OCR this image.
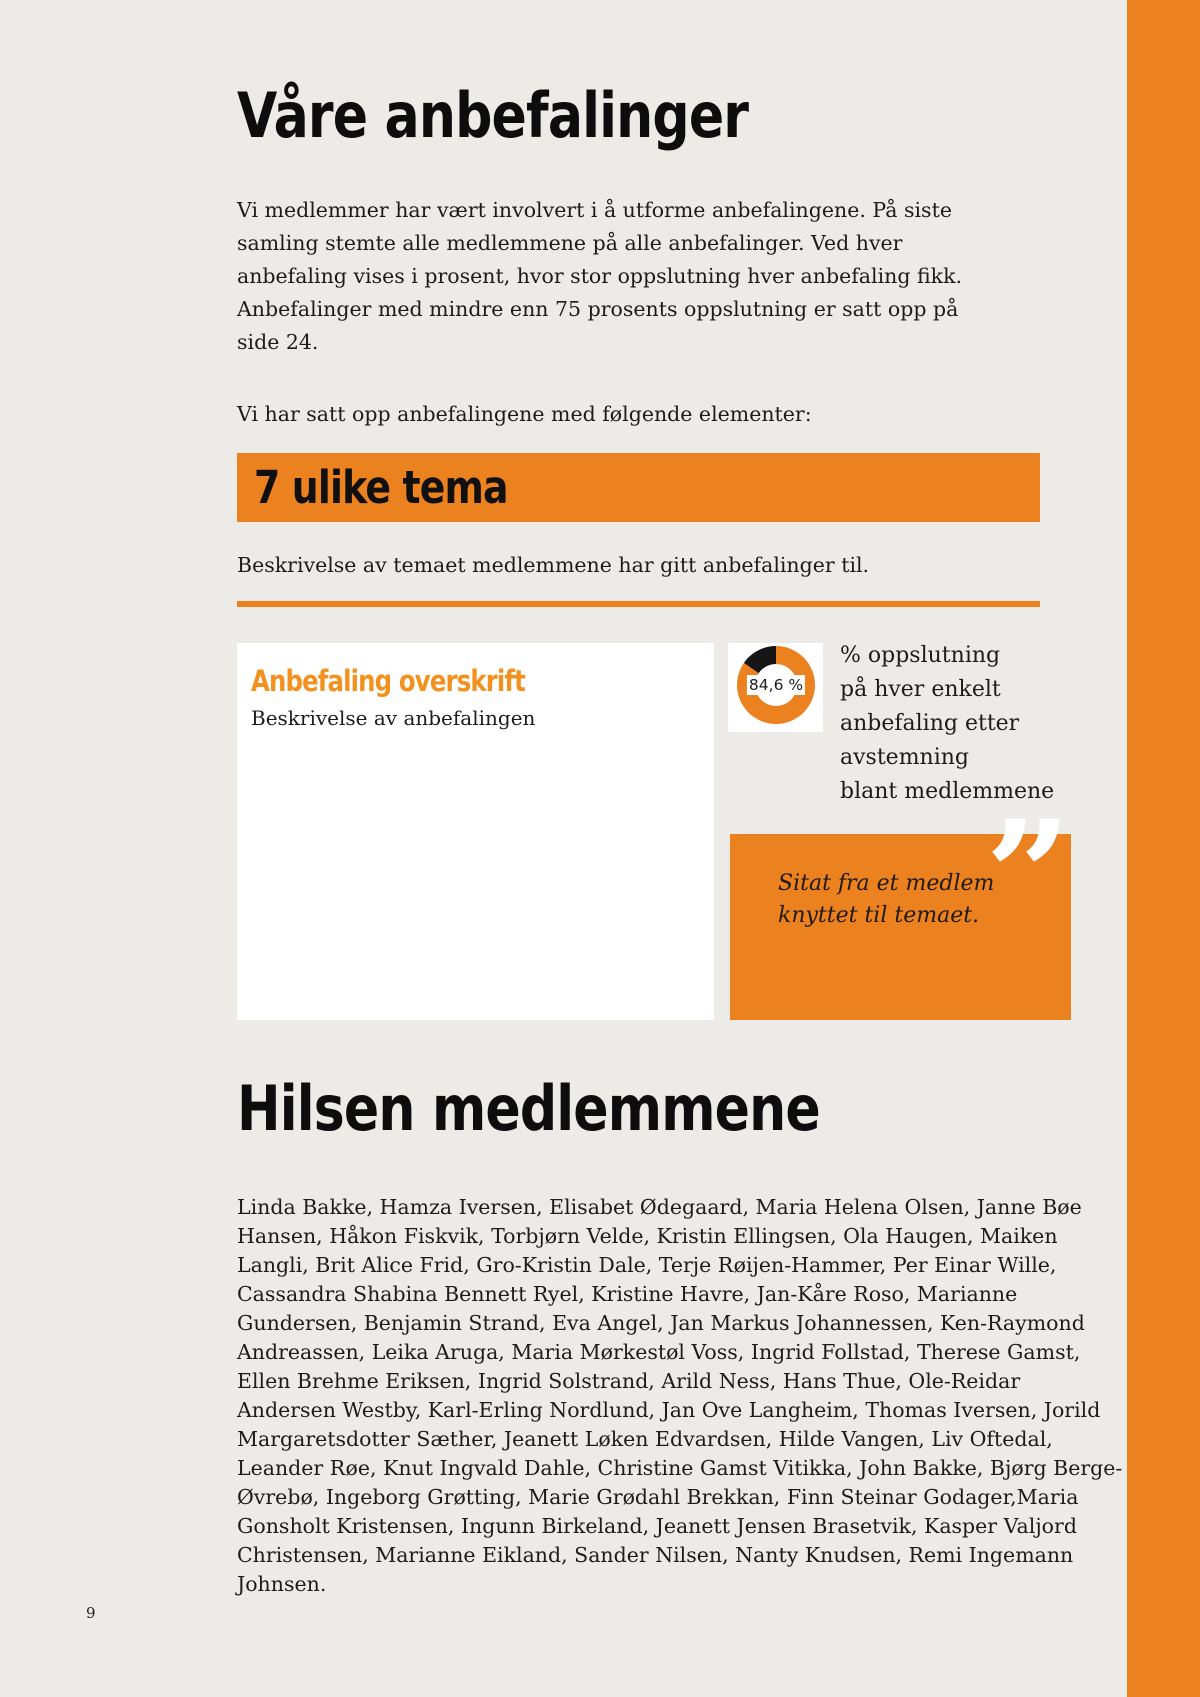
Våre anbefalinger
Vi medlemmer har vært involvert i å utforme anbefalingene. På siste
samling stemte alle medlemmene på alle anbefalinger. Ved hver
anbefaling vises i prosent, hvor stor oppslutning hver anbefaling fikk.
Anbefalinger med mindre enn 75 prosents oppslutning er satt opp på
side 24.
Vi har satt opp anbefalingene med følgende elementer:
7 ulike tema
Beskrivelse av temaet medlemmene har gitt anbefalinger til.
Anbefaling overskrift
Beskrivelse av anbefalingen
84,6 %
% oppslutning
på hver enkelt
anbefaling etter
avstemning
blant medlemmene
Sitat fra et medlem
knyttet til temaet. ”
Hilsen medlemmene
Linda Bakke, Hamza Iversen, Elisabet Ødegaard, Maria Helena Olsen, Janne Bøe
Hansen, Håkon Fiskvik, Torbjørn Velde, Kristin Ellingsen, Ola Haugen, Maiken
Langli, Brit Alice Frid, Gro-Kristin Dale, Terje Røijen-Hammer, Per Einar Wille,
Cassandra Shabina Bennett Ryel, Kristine Havre, Jan-Kåre Roso, Marianne
Gundersen, Benjamin Strand, Eva Angel, Jan Markus Johannessen, Ken-Raymond
Andreassen, Leika Aruga, Maria Mørkestøl Voss, Ingrid Follstad, Therese Gamst,
Ellen Brehme Eriksen, Ingrid Solstrand, Arild Ness, Hans Thue, Ole-Reidar
Andersen Westby, Karl-Erling Nordlund, Jan Ove Langheim, Thomas Iversen, Jorild
Margaretsdotter Sæther, Jeanett Løken Edvardsen, Hilde Vangen, Liv Oftedal,
Leander Røe, Knut Ingvald Dahle, Christine Gamst Vitikka, John Bakke, Bjørg Berge-
Øvrebø, Ingeborg Grøtting, Marie Grødahl Brekkan, Finn Steinar Godager,Maria
Gonsholt Kristensen, Ingunn Birkeland, Jeanett Jensen Brasetvik, Kasper Valjord
Christensen, Marianne Eikland, Sander Nilsen, Nanty Knudsen, Remi Ingemann
Johnsen.
9
